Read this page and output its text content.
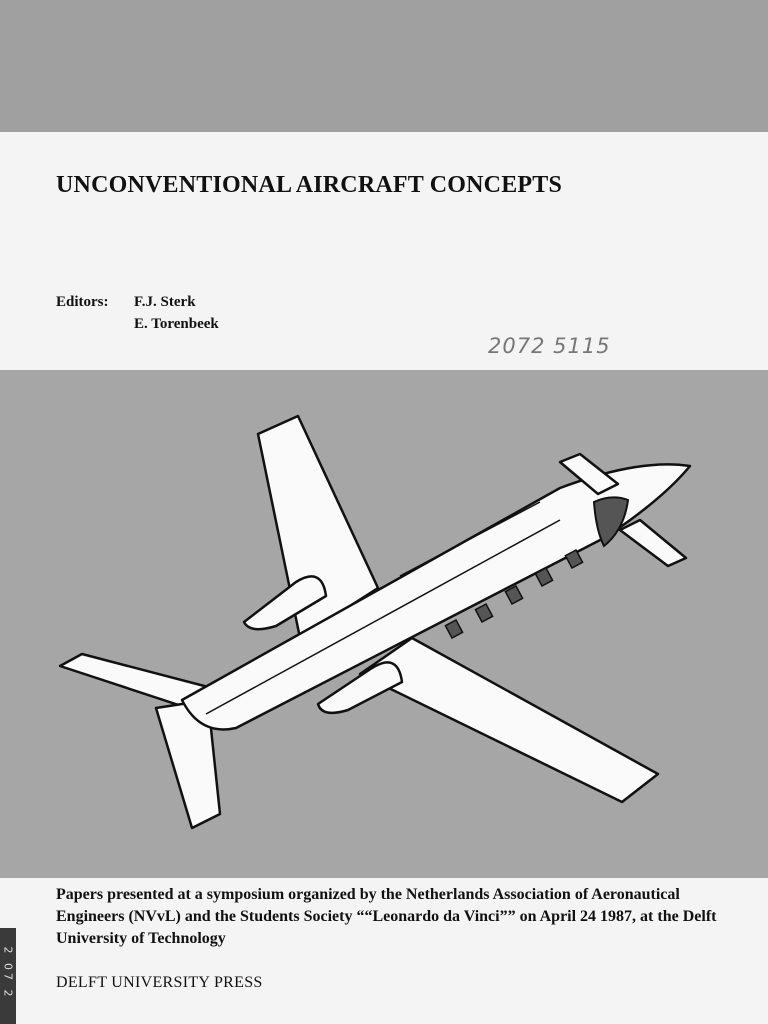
UNCONVENTIONAL AIRCRAFT CONCEPTS
Editors: F.J. Sterk
E. Torenbeek
2072 5115

Papers presented at a symposium organized by the Netherlands Association of Aeronautical Engineers (NVvL) and the Students Society ““Leonardo da Vinci”” on April 24 1987, at the Delft University of Technology

DELFT UNIVERSITY PRESS
2 07 2
